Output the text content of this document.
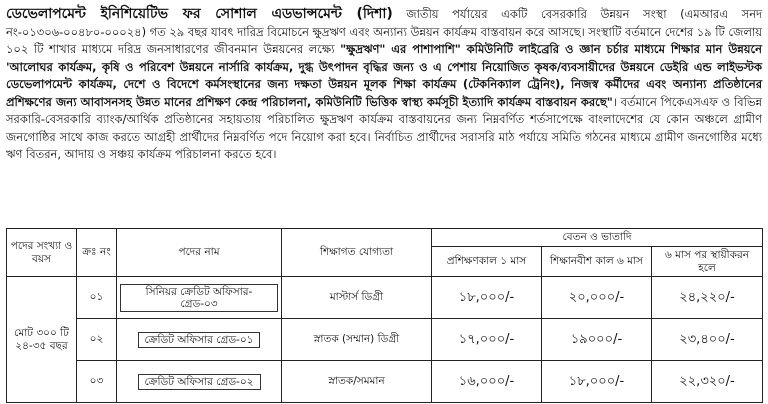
ডেভেলাপমেন্ট ইনিশিয়েটিভ ফর সোশাল এডভান্সমেন্ট (দিশা) জাতীয় পর্যায়ের একটি বেসরকারি উন্নয়ন সংস্থা (এমআরএ সনদ নং-০১৩০৬-০০৪৮০-০০০২৪) গত ২৯ বছর যাবৎ দারিদ্র বিমোচনে ক্ষুদ্রঋণ এবং অন্যান্য উন্নয়ন কার্যক্রম বাস্তবায়ন করে আসছে। সংস্থাটি বর্তমানে দেশের ১৯ টি জেলায় ১০২ টি শাখার মাধ্যমে দরিদ্র জনসাধারণের জীবনমান উন্নয়নের লক্ষ্যে "ক্ষুদ্রঋণ" এর পাশাপাশি" কমিউনিটি লাইব্রেরি ও জ্ঞান চর্চার মাধ্যমে শিক্ষার মান উন্নয়নে 'আলোঘর কার্যক্রম, কৃষি ও পরিবেশ উন্নয়নে নার্সারি কার্যক্রম, দুগ্ধ উৎপাদন বৃদ্ধির জন্য ও এ পেশায় নিয়োজিত কৃষক/ব্যবসায়ীদের উন্নয়নে ডেইরি এন্ড লাইভস্টক ডেভেলাপমেন্ট কার্যক্রম, দেশে ও বিদেশে কর্মসংস্থানের জন্য দক্ষতা উন্নয়ন মূলক শিক্ষা কার্যক্রম (টেকনিক্যাল ট্রেনিং), নিজস্ব কর্মীদের এবং অন্যান্য প্রতিষ্ঠানের প্রশিক্ষণের জন্য আবাসনসহ উন্নত মানের প্রশিক্ষণ কেন্দ্র পরিচালনা, কমিউনিটি ভিত্তিক স্বাস্থ্য কর্মসূচী ইত্যাদি কার্যক্রম বাস্তবায়ন করছে"। বর্তমানে পিকেএসএফ ও বিভিন্ন সরকারি-বেসরকারি ব্যাংক/আর্থিক প্রতিষ্ঠানের সহায়তায় পরিচালিত ক্ষুদ্রঋণ কার্যক্রম বাস্তবায়নের জন্য নিম্নবর্ণিত শর্তসাপেক্ষে বাংলাদেশের যে কোন অঞ্চলে গ্রামীণ জনগোষ্ঠির সাথে কাজ করতে আগ্রহী প্রার্থীদের নিম্নবর্ণিত পদে নিয়োগ করা হবে। নির্বাচিত প্রার্থীদের সরাসরি মাঠ পর্যায়ে সমিতি গঠনের মাধ্যমে গ্রামীণ জনগোষ্ঠির মধ্যে ঋণ বিতরন, আদায় ও সঞ্চয় কার্যক্রম পরিচালনা করতে হবে।
পদের সংখ্যা ও বয়স	ক্রঃ নং	পদের নাম	শিক্ষাগত যোগ্যতা	বেতন ও ভাতাদি		
				প্রশিক্ষণকাল ১ মাস	শিক্ষানবীশ কাল ৬ মাস	৬ মাস পর স্থায়ীকরন হলে
মোট ৩০০ টি ২৪-৩৫ বছর	০১	সিনিয়র ক্রেডিট অফিসার- গ্রেড-০৩	মাস্টার্স ডিগ্রী	১৮,০০০/-	২০,০০০/-	২৪,২২০/-
	০২	ক্রেডিট অফিসার গ্রেড-০১	স্নাতক (সম্মান) ডিগ্রী	১৭,০০০/-	১৯০০০/-	২৩,৪০০/-
	০৩	ক্রেডিট অফিসার গ্রেড-০২	স্নাতক/সমমান	১৬,০০০/-	১৮,০০০/-	২২,৩২০/-
